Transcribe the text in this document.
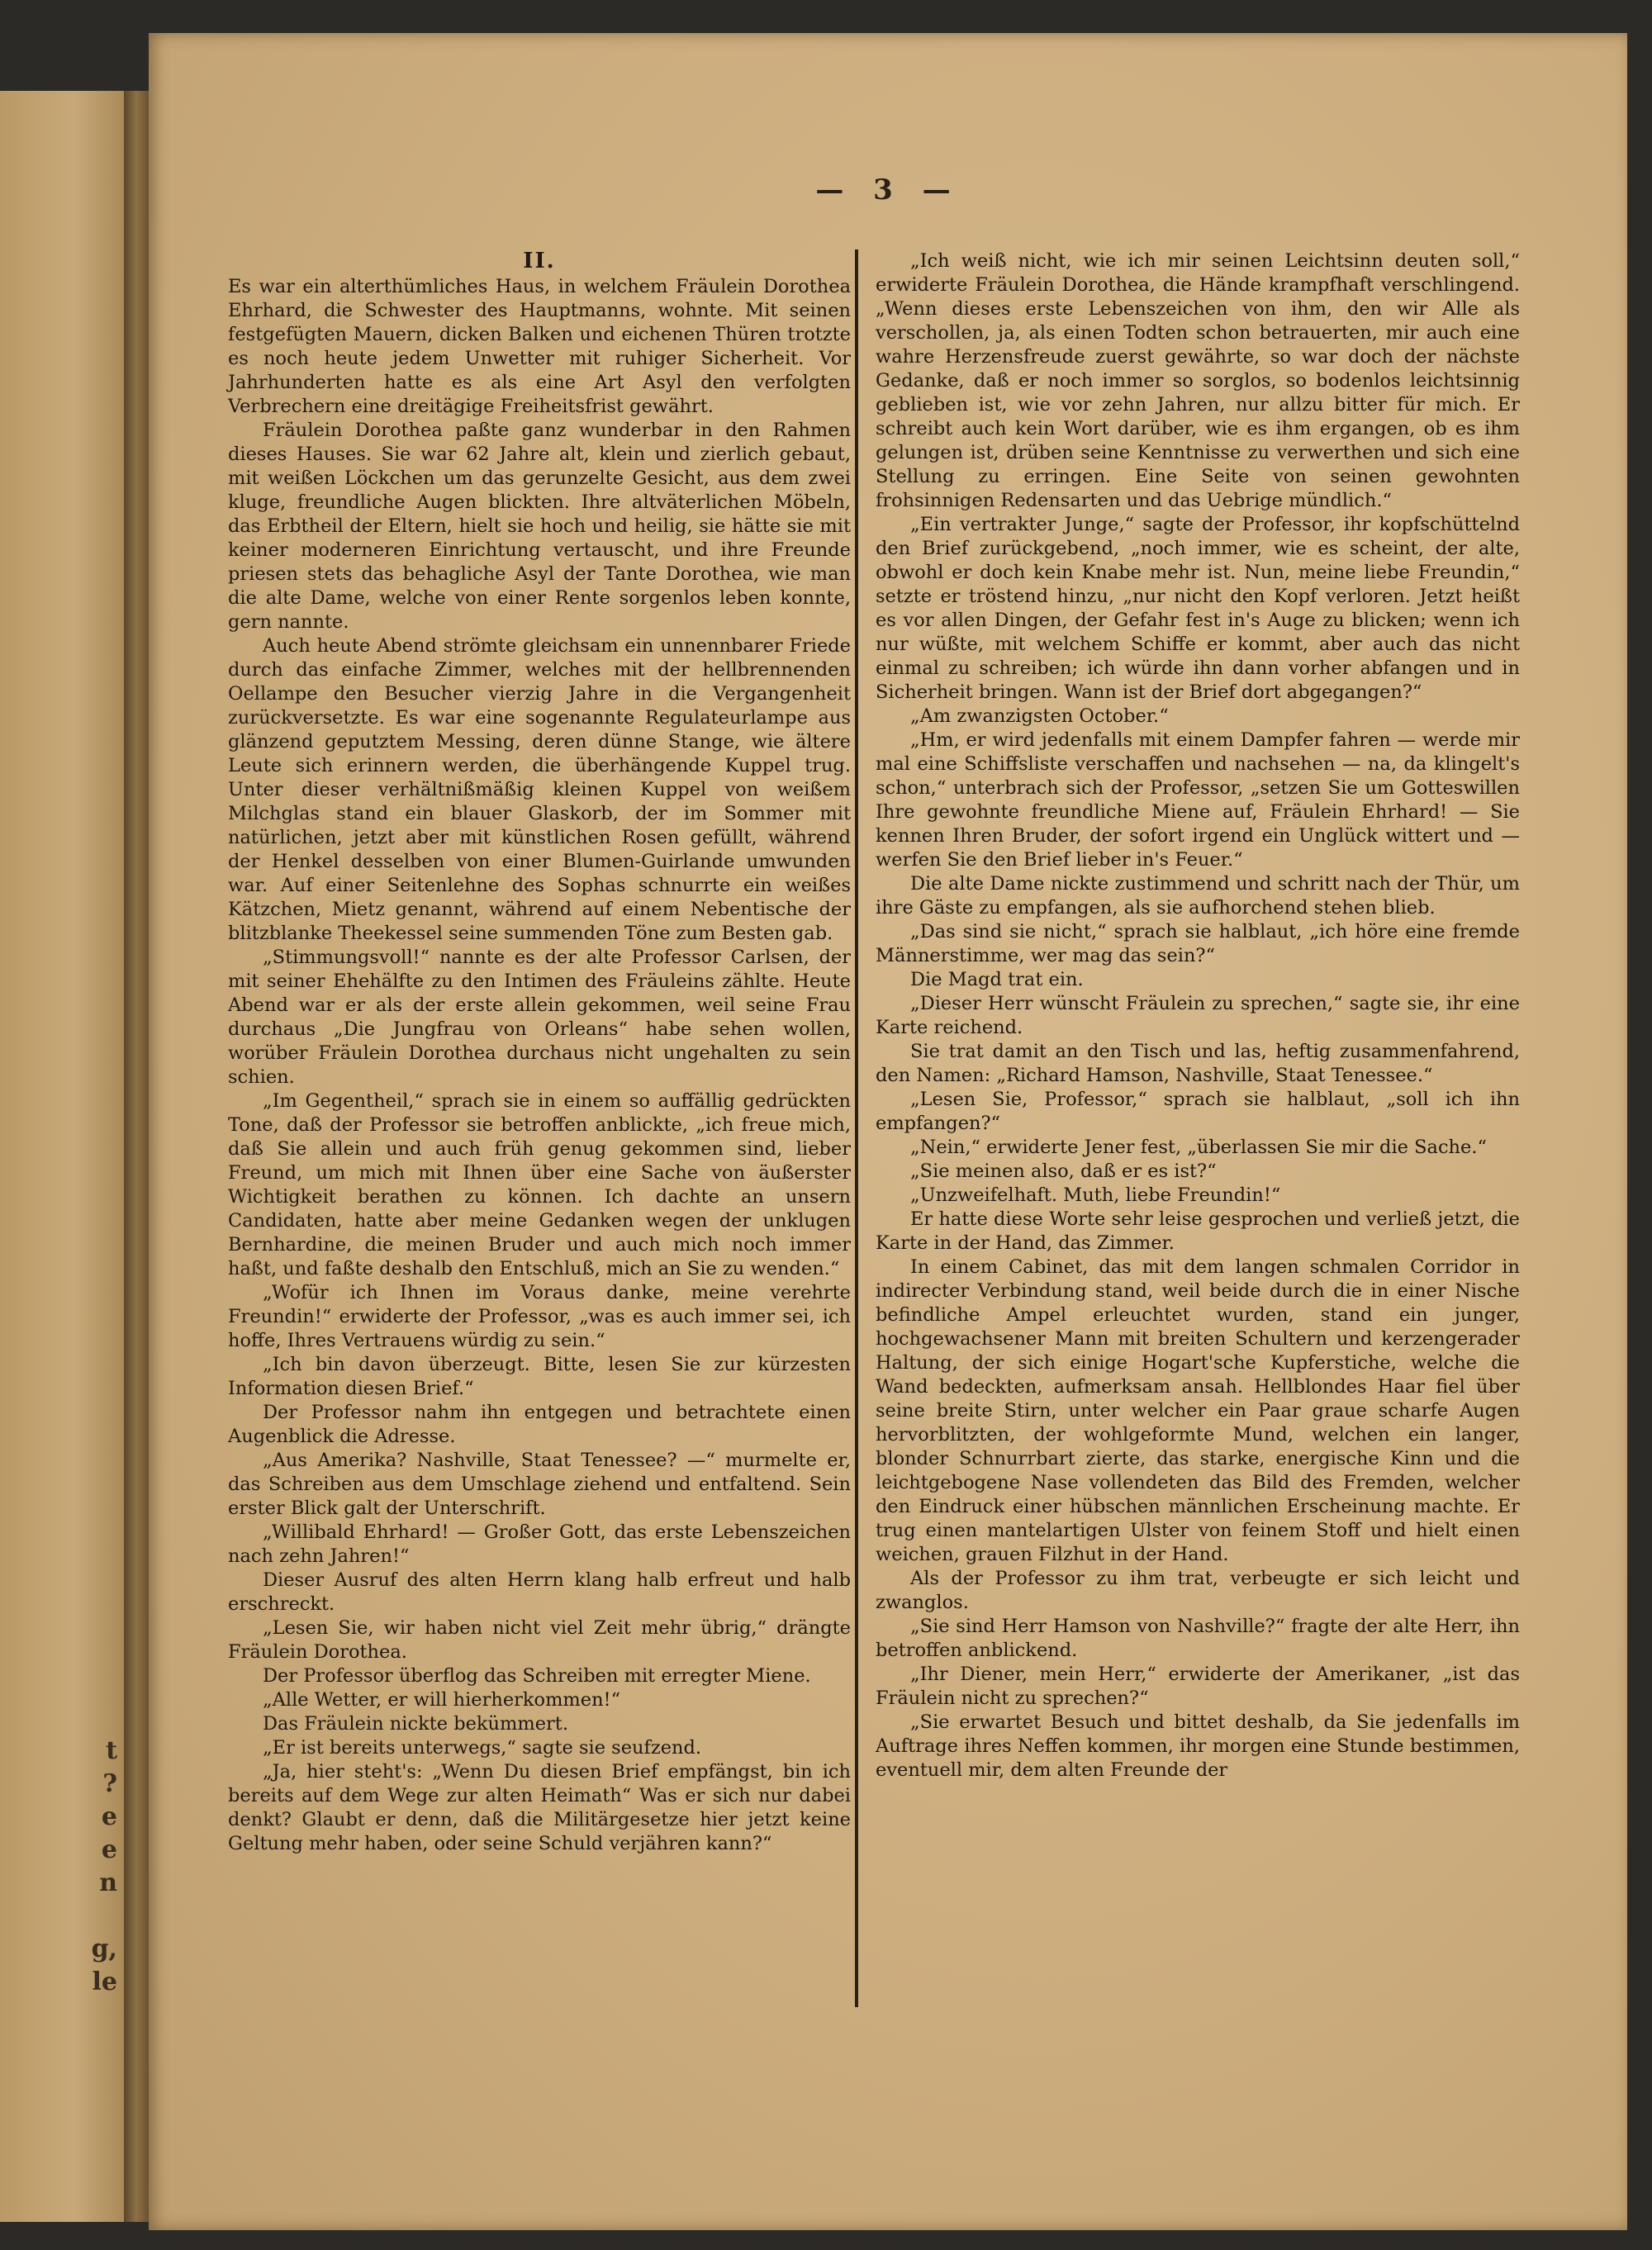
t
?
e
e
n

g,
le
— 3 —
II.

Es war ein alterthümliches Haus, in welchem Fräulein Dorothea Ehrhard, die Schwester des Hauptmanns, wohnte. Mit seinen festgefügten Mauern, dicken Balken und eichenen Thüren trotzte es noch heute jedem Unwetter mit ruhiger Sicherheit. Vor Jahrhunderten hatte es als eine Art Asyl den verfolgten Verbrechern eine dreitägige Freiheitsfrist gewährt.

Fräulein Dorothea paßte ganz wunderbar in den Rahmen dieses Hauses. Sie war 62 Jahre alt, klein und zierlich gebaut, mit weißen Löckchen um das gerunzelte Gesicht, aus dem zwei kluge, freundliche Augen blickten. Ihre altväterlichen Möbeln, das Erbtheil der Eltern, hielt sie hoch und heilig, sie hätte sie mit keiner moderneren Einrichtung vertauscht, und ihre Freunde priesen stets das behagliche Asyl der Tante Dorothea, wie man die alte Dame, welche von einer Rente sorgenlos leben konnte, gern nannte.

Auch heute Abend strömte gleichsam ein unnennbarer Friede durch das einfache Zimmer, welches mit der hellbrennenden Oellampe den Besucher vierzig Jahre in die Vergangenheit zurückversetzte. Es war eine sogenannte Regulateurlampe aus glänzend geputztem Messing, deren dünne Stange, wie ältere Leute sich erinnern werden, die überhängende Kuppel trug. Unter dieser verhältnißmäßig kleinen Kuppel von weißem Milchglas stand ein blauer Glaskorb, der im Sommer mit natürlichen, jetzt aber mit künstlichen Rosen gefüllt, während der Henkel desselben von einer Blumen-Guirlande umwunden war. Auf einer Seitenlehne des Sophas schnurrte ein weißes Kätzchen, Mietz genannt, während auf einem Nebentische der blitzblanke Theekessel seine summenden Töne zum Besten gab.

„Stimmungsvoll!“ nannte es der alte Professor Carlsen, der mit seiner Ehehälfte zu den Intimen des Fräuleins zählte. Heute Abend war er als der erste allein gekommen, weil seine Frau durchaus „Die Jungfrau von Orleans“ habe sehen wollen, worüber Fräulein Dorothea durchaus nicht ungehalten zu sein schien.

„Im Gegentheil,“ sprach sie in einem so auffällig gedrückten Tone, daß der Professor sie betroffen anblickte, „ich freue mich, daß Sie allein und auch früh genug gekommen sind, lieber Freund, um mich mit Ihnen über eine Sache von äußerster Wichtigkeit berathen zu können. Ich dachte an unsern Candidaten, hatte aber meine Gedanken wegen der unklugen Bernhardine, die meinen Bruder und auch mich noch immer haßt, und faßte deshalb den Entschluß, mich an Sie zu wenden.“

„Wofür ich Ihnen im Voraus danke, meine verehrte Freundin!“ erwiderte der Professor, „was es auch immer sei, ich hoffe, Ihres Vertrauens würdig zu sein.“

„Ich bin davon überzeugt. Bitte, lesen Sie zur kürzesten Information diesen Brief.“

Der Professor nahm ihn entgegen und betrachtete einen Augenblick die Adresse.

„Aus Amerika? Nashville, Staat Tenessee? —“ murmelte er, das Schreiben aus dem Umschlage ziehend und entfaltend. Sein erster Blick galt der Unterschrift.

„Willibald Ehrhard! — Großer Gott, das erste Lebenszeichen nach zehn Jahren!“

Dieser Ausruf des alten Herrn klang halb erfreut und halb erschreckt.

„Lesen Sie, wir haben nicht viel Zeit mehr übrig,“ drängte Fräulein Dorothea.

Der Professor überflog das Schreiben mit erregter Miene.

„Alle Wetter, er will hierherkommen!“

Das Fräulein nickte bekümmert.

„Er ist bereits unterwegs,“ sagte sie seufzend.

„Ja, hier steht's: „Wenn Du diesen Brief empfängst, bin ich bereits auf dem Wege zur alten Heimath“ Was er sich nur dabei denkt? Glaubt er denn, daß die Militärgesetze hier jetzt keine Geltung mehr haben, oder seine Schuld verjähren kann?“

„Ich weiß nicht, wie ich mir seinen Leichtsinn deuten soll,“ erwiderte Fräulein Dorothea, die Hände krampfhaft verschlingend. „Wenn dieses erste Lebenszeichen von ihm, den wir Alle als verschollen, ja, als einen Todten schon betrauerten, mir auch eine wahre Herzensfreude zuerst gewährte, so war doch der nächste Gedanke, daß er noch immer so sorglos, so bodenlos leichtsinnig geblieben ist, wie vor zehn Jahren, nur allzu bitter für mich. Er schreibt auch kein Wort darüber, wie es ihm ergangen, ob es ihm gelungen ist, drüben seine Kenntnisse zu verwerthen und sich eine Stellung zu erringen. Eine Seite von seinen gewohnten frohsinnigen Redensarten und das Uebrige mündlich.“

„Ein vertrakter Junge,“ sagte der Professor, ihr kopfschüttelnd den Brief zurückgebend, „noch immer, wie es scheint, der alte, obwohl er doch kein Knabe mehr ist. Nun, meine liebe Freundin,“ setzte er tröstend hinzu, „nur nicht den Kopf verloren. Jetzt heißt es vor allen Dingen, der Gefahr fest in's Auge zu blicken; wenn ich nur wüßte, mit welchem Schiffe er kommt, aber auch das nicht einmal zu schreiben; ich würde ihn dann vorher abfangen und in Sicherheit bringen. Wann ist der Brief dort abgegangen?“

„Am zwanzigsten October.“

„Hm, er wird jedenfalls mit einem Dampfer fahren — werde mir mal eine Schiffsliste verschaffen und nachsehen — na, da klingelt's schon,“ unterbrach sich der Professor, „setzen Sie um Gotteswillen Ihre gewohnte freundliche Miene auf, Fräulein Ehrhard! — Sie kennen Ihren Bruder, der sofort irgend ein Unglück wittert und — werfen Sie den Brief lieber in's Feuer.“

Die alte Dame nickte zustimmend und schritt nach der Thür, um ihre Gäste zu empfangen, als sie aufhorchend stehen blieb.

„Das sind sie nicht,“ sprach sie halblaut, „ich höre eine fremde Männerstimme, wer mag das sein?“

Die Magd trat ein.

„Dieser Herr wünscht Fräulein zu sprechen,“ sagte sie, ihr eine Karte reichend.

Sie trat damit an den Tisch und las, heftig zusammenfahrend, den Namen: „Richard Hamson, Nashville, Staat Tenessee.“

„Lesen Sie, Professor,“ sprach sie halblaut, „soll ich ihn empfangen?“

„Nein,“ erwiderte Jener fest, „überlassen Sie mir die Sache.“

„Sie meinen also, daß er es ist?“

„Unzweifelhaft. Muth, liebe Freundin!“

Er hatte diese Worte sehr leise gesprochen und verließ jetzt, die Karte in der Hand, das Zimmer.

In einem Cabinet, das mit dem langen schmalen Corridor in indirecter Verbindung stand, weil beide durch die in einer Nische befindliche Ampel erleuchtet wurden, stand ein junger, hochgewachsener Mann mit breiten Schultern und kerzengerader Haltung, der sich einige Hogart'sche Kupferstiche, welche die Wand bedeckten, aufmerksam ansah. Hellblondes Haar fiel über seine breite Stirn, unter welcher ein Paar graue scharfe Augen hervorblitzten, der wohlgeformte Mund, welchen ein langer, blonder Schnurrbart zierte, das starke, energische Kinn und die leichtgebogene Nase vollendeten das Bild des Fremden, welcher den Eindruck einer hübschen männlichen Erscheinung machte. Er trug einen mantelartigen Ulster von feinem Stoff und hielt einen weichen, grauen Filzhut in der Hand.

Als der Professor zu ihm trat, verbeugte er sich leicht und zwanglos.

„Sie sind Herr Hamson von Nashville?“ fragte der alte Herr, ihn betroffen anblickend.

„Ihr Diener, mein Herr,“ erwiderte der Amerikaner, „ist das Fräulein nicht zu sprechen?“

„Sie erwartet Besuch und bittet deshalb, da Sie jedenfalls im Auftrage ihres Neffen kommen, ihr morgen eine Stunde bestimmen, eventuell mir, dem alten Freunde der
